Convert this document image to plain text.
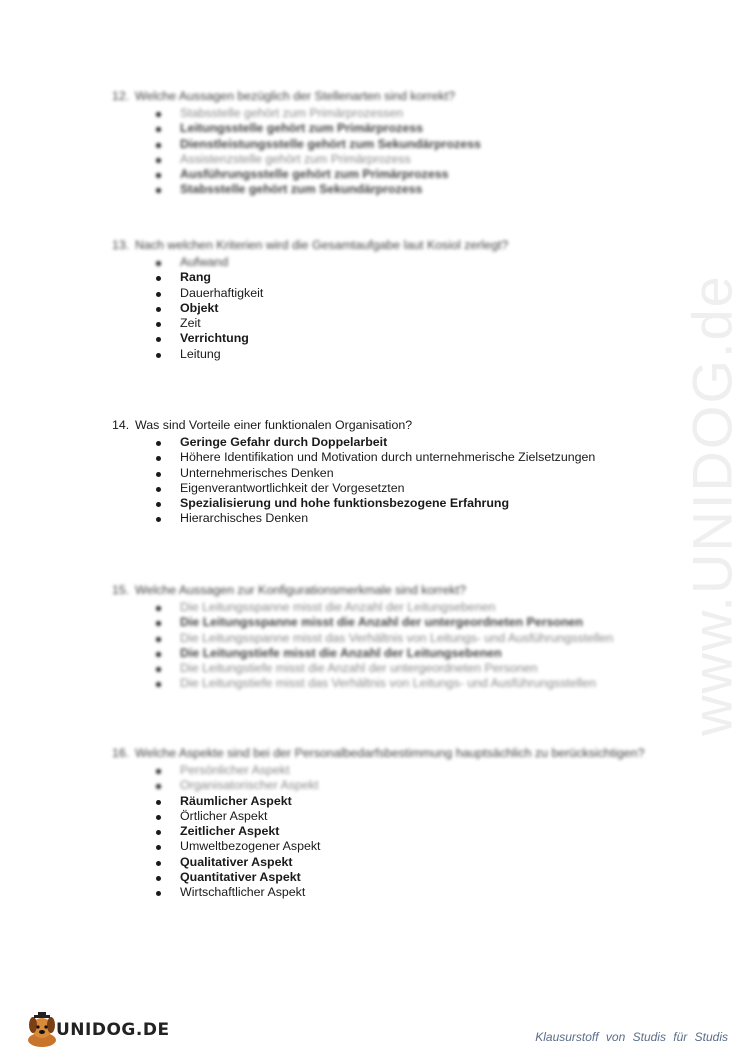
www.UNIDOG.de

12. Welche Aussagen bezüglich der Stellenarten sind korrekt?

Stabsstelle gehört zum Primärprozessen
Leitungsstelle gehört zum Primärprozess
Dienstleistungsstelle gehört zum Sekundärprozess
Assistenzstelle gehört zum Primärprozess
Ausführungsstelle gehört zum Primärprozess
Stabsstelle gehört zum Sekundärprozess

13. Nach welchen Kriterien wird die Gesamtaufgabe laut Kosiol zerlegt?

Aufwand
Rang
Dauerhaftigkeit
Objekt
Zeit
Verrichtung
Leitung

14. Was sind Vorteile einer funktionalen Organisation?

Geringe Gefahr durch Doppelarbeit
Höhere Identifikation und Motivation durch unternehmerische Zielsetzungen
Unternehmerisches Denken
Eigenverantwortlichkeit der Vorgesetzten
Spezialisierung und hohe funktionsbezogene Erfahrung
Hierarchisches Denken

15. Welche Aussagen zur Konfigurationsmerkmale sind korrekt?

Die Leitungsspanne misst die Anzahl der Leitungsebenen
Die Leitungsspanne misst die Anzahl der untergeordneten Personen
Die Leitungsspanne misst das Verhältnis von Leitungs- und Ausführungsstellen
Die Leitungstiefe misst die Anzahl der Leitungsebenen
Die Leitungstiefe misst die Anzahl der untergeordneten Personen
Die Leitungstiefe misst das Verhältnis von Leitungs- und Ausführungsstellen

16. Welche Aspekte sind bei der Personalbedarfsbestimmung hauptsächlich zu berücksichtigen?

Persönlicher Aspekt
Organisatorischer Aspekt
Räumlicher Aspekt
Örtlicher Aspekt
Zeitlicher Aspekt
Umweltbezogener Aspekt
Qualitativer Aspekt
Quantitativer Aspekt
Wirtschaftlicher Aspekt
UNIDOG.DE	Klausurstoff von Studis für Studis
